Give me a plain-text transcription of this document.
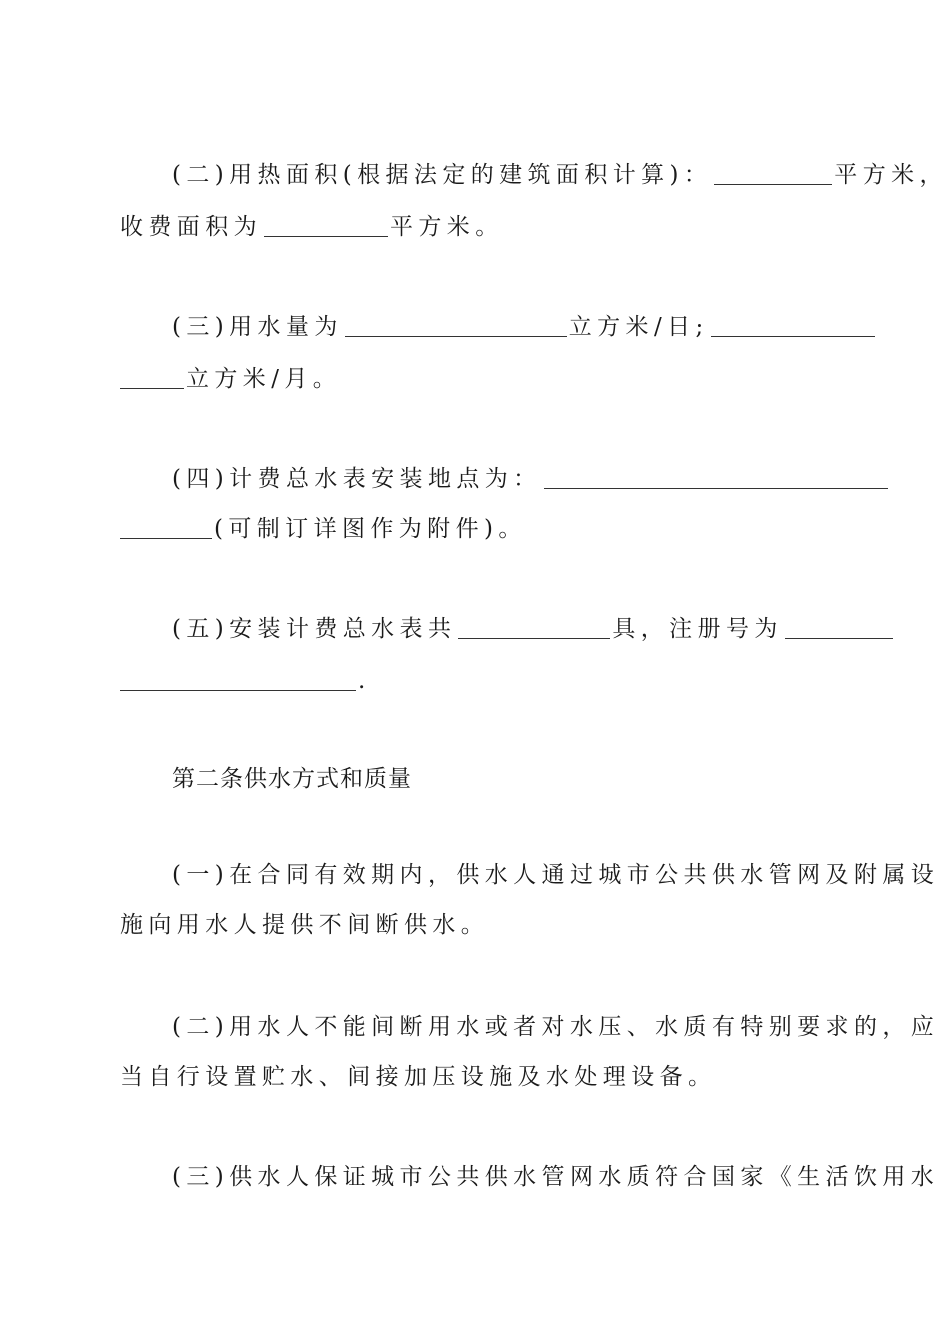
(二)用热面积(根据法定的建筑面积计算)：	平方米，
收费面积为	平方米。
(三)用水量为	立方米/日;
立方米/月。
(四)计费总水表安装地点为：
(可制订详图作为附件)。
(五)安装计费总水表共	具，注册号为
.
第二条供水方式和质量
(一)在合同有效期内，供水人通过城市公共供水管网及附属设
施向用水人提供不间断供水。
(二)用水人不能间断用水或者对水压、水质有特别要求的，应
当自行设置贮水、间接加压设施及水处理设备。
(三)供水人保证城市公共供水管网水质符合国家《生活饮用水
